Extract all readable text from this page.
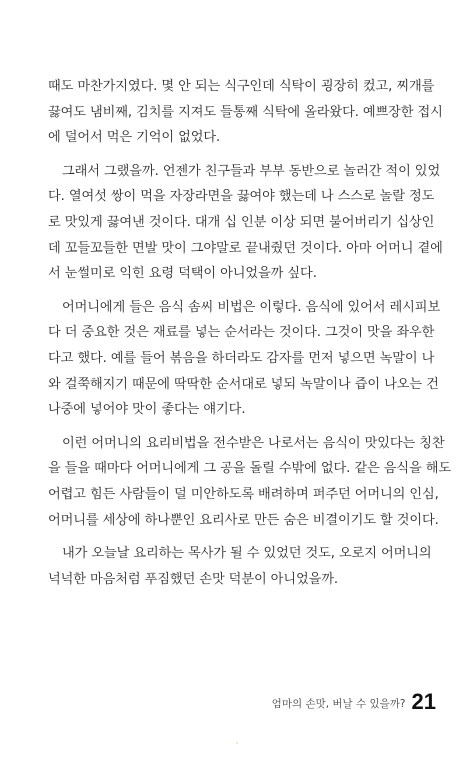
때도 마찬가지였다. 몇 안 되는 식구인데 식탁이 굉장히 컸고, 찌개를
끓여도 냄비째, 김치를 지져도 들통째 식탁에 올라왔다. 예쁘장한 접시
에 덜어서 먹은 기억이 없었다.

그래서 그랬을까. 언젠가 친구들과 부부 동반으로 놀러간 적이 있었
다. 열여섯 쌍이 먹을 자장라면을 끓여야 했는데 나 스스로 놀랄 정도
로 맛있게 끓여낸 것이다. 대개 십 인분 이상 되면 불어버리기 십상인
데 꼬들꼬들한 면발 맛이 그야말로 끝내줬던 것이다. 아마 어머니 곁에
서 눈썰미로 익힌 요령 덕택이 아니었을까 싶다.

어머니에게 들은 음식 솜씨 비법은 이렇다. 음식에 있어서 레시피보
다 더 중요한 것은 재료를 넣는 순서라는 것이다. 그것이 맛을 좌우한
다고 했다. 예를 들어 볶음을 하더라도 감자를 먼저 넣으면 녹말이 나
와 걸쭉해지기 때문에 딱딱한 순서대로 넣되 녹말이나 즙이 나오는 건
나중에 넣어야 맛이 좋다는 얘기다.

이런 어머니의 요리비법을 전수받은 나로서는 음식이 맛있다는 칭찬
을 들을 때마다 어머니에게 그 공을 돌릴 수밖에 없다. 같은 음식을 해도
어렵고 힘든 사람들이 덜 미안하도록 배려하며 퍼주던 어머니의 인심,
어머니를 세상에 하나뿐인 요리사로 만든 숨은 비결이기도 할 것이다.

내가 오늘날 요리하는 목사가 될 수 있었던 것도, 오로지 어머니의
넉넉한 마음처럼 푸짐했던 손맛 덕분이 아니었을까.

엄마의 손맛, 버날 수 있을까? 21
